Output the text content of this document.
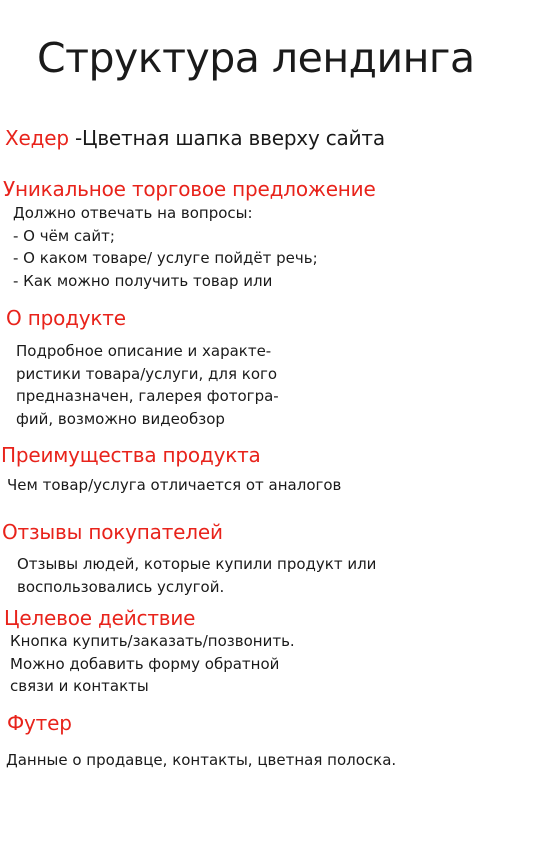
Структура лендинга
Хедер -Цветная шапка вверху сайта
Уникальное торговое предложение
Должно отвечать на вопросы:
- О чём сайт;
- О каком товаре/ услуге пойдёт речь;
- Как можно получить товар или
О продукте
Подробное описание и характе-
ристики товара/услуги, для кого
предназначен, галерея фотогра-
фий, возможно видеобзор
Преимущества продукта
Чем товар/услуга отличается от аналогов
Отзывы покупателей
Отзывы людей, которые купили продукт или
воспользовались услугой.
Целевое действие
Кнопка купить/заказать/позвонить.
Можно добавить форму обратной
связи и контакты
Футер
Данные о продавце, контакты, цветная полоска.
